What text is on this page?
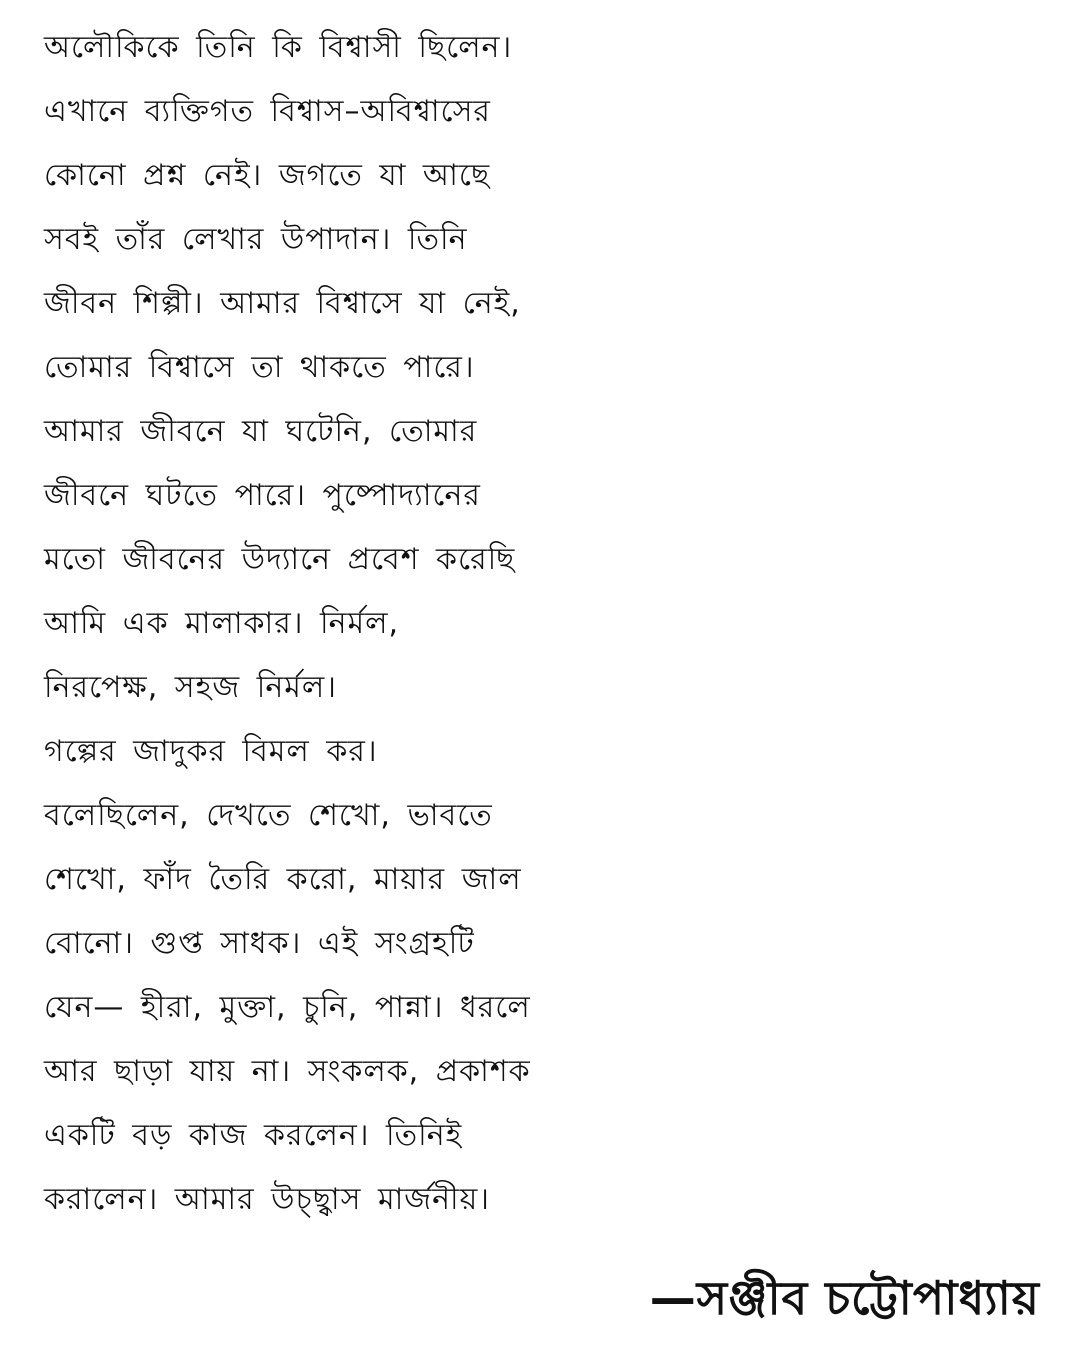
অলৌকিকে তিনি কি বিশ্বাসী ছিলেন।
এখানে ব্যক্তিগত বিশ্বাস–অবিশ্বাসের
কোনো প্রশ্ন নেই। জগতে যা আছে
সবই তাঁর লেখার উপাদান। তিনি
জীবন শিল্পী। আমার বিশ্বাসে যা নেই,
তোমার বিশ্বাসে তা থাকতে পারে।
আমার জীবনে যা ঘটেনি, তোমার
জীবনে ঘটতে পারে। পুষ্পোদ্যানের
মতো জীবনের উদ্যানে প্রবেশ করেছি
আমি এক মালাকার। নির্মল,
নিরপেক্ষ, সহজ নির্মল।
গল্পের জাদুকর বিমল কর।
বলেছিলেন, দেখতে শেখো, ভাবতে
শেখো, ফাঁদ তৈরি করো, মায়ার জাল
বোনো। গুপ্ত সাধক। এই সংগ্রহটি
যেন— হীরা, মুক্তা, চুনি, পান্না। ধরলে
আর ছাড়া যায় না। সংকলক, প্রকাশক
একটি বড় কাজ করলেন। তিনিই
করালেন। আমার উচ্ছ্বাস মার্জনীয়।
—সঞ্জীব চট্টোপাধ্যায়
